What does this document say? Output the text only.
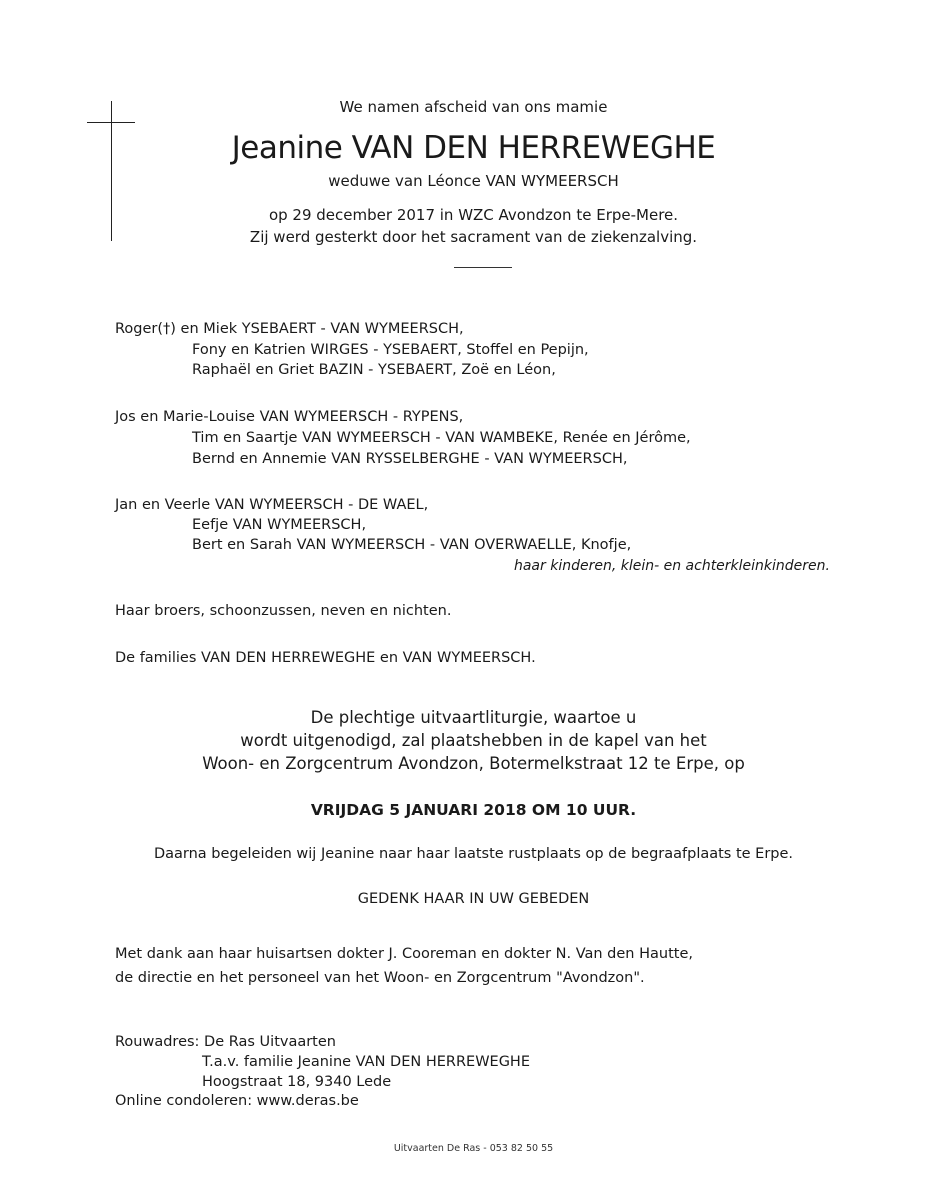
We namen afscheid van ons mamie
Jeanine VAN DEN HERREWEGHE
weduwe van Léonce VAN WYMEERSCH
op 29 december 2017 in WZC Avondzon te Erpe-Mere.
Zij werd gesterkt door het sacrament van de ziekenzalving.
Roger(†) en Miek YSEBAERT - VAN WYMEERSCH,
Fony en Katrien WIRGES - YSEBAERT, Stoffel en Pepijn,
Raphaël en Griet BAZIN - YSEBAERT, Zoë en Léon,
Jos en Marie-Louise VAN WYMEERSCH - RYPENS,
Tim en Saartje VAN WYMEERSCH - VAN WAMBEKE, Renée en Jérôme,
Bernd en Annemie VAN RYSSELBERGHE - VAN WYMEERSCH,
Jan en Veerle VAN WYMEERSCH - DE WAEL,
Eefje VAN WYMEERSCH,
Bert en Sarah VAN WYMEERSCH - VAN OVERWAELLE, Knofje,
haar kinderen, klein- en achterkleinkinderen.
Haar broers, schoonzussen, neven en nichten.
De families VAN DEN HERREWEGHE en VAN WYMEERSCH.
De plechtige uitvaartliturgie, waartoe u
wordt uitgenodigd, zal plaatshebben in de kapel van het
Woon- en Zorgcentrum Avondzon, Botermelkstraat 12 te Erpe, op
VRIJDAG 5 JANUARI 2018 OM 10 UUR.
Daarna begeleiden wij Jeanine naar haar laatste rustplaats op de begraafplaats te Erpe.
GEDENK HAAR IN UW GEBEDEN
Met dank aan haar huisartsen dokter J. Cooreman en dokter N. Van den Hautte,
de directie en het personeel van het Woon- en Zorgcentrum "Avondzon".
Rouwadres: De Ras Uitvaarten
T.a.v. familie Jeanine VAN DEN HERREWEGHE
Hoogstraat 18, 9340 Lede
Online condoleren: www.deras.be
Uitvaarten De Ras - 053 82 50 55
